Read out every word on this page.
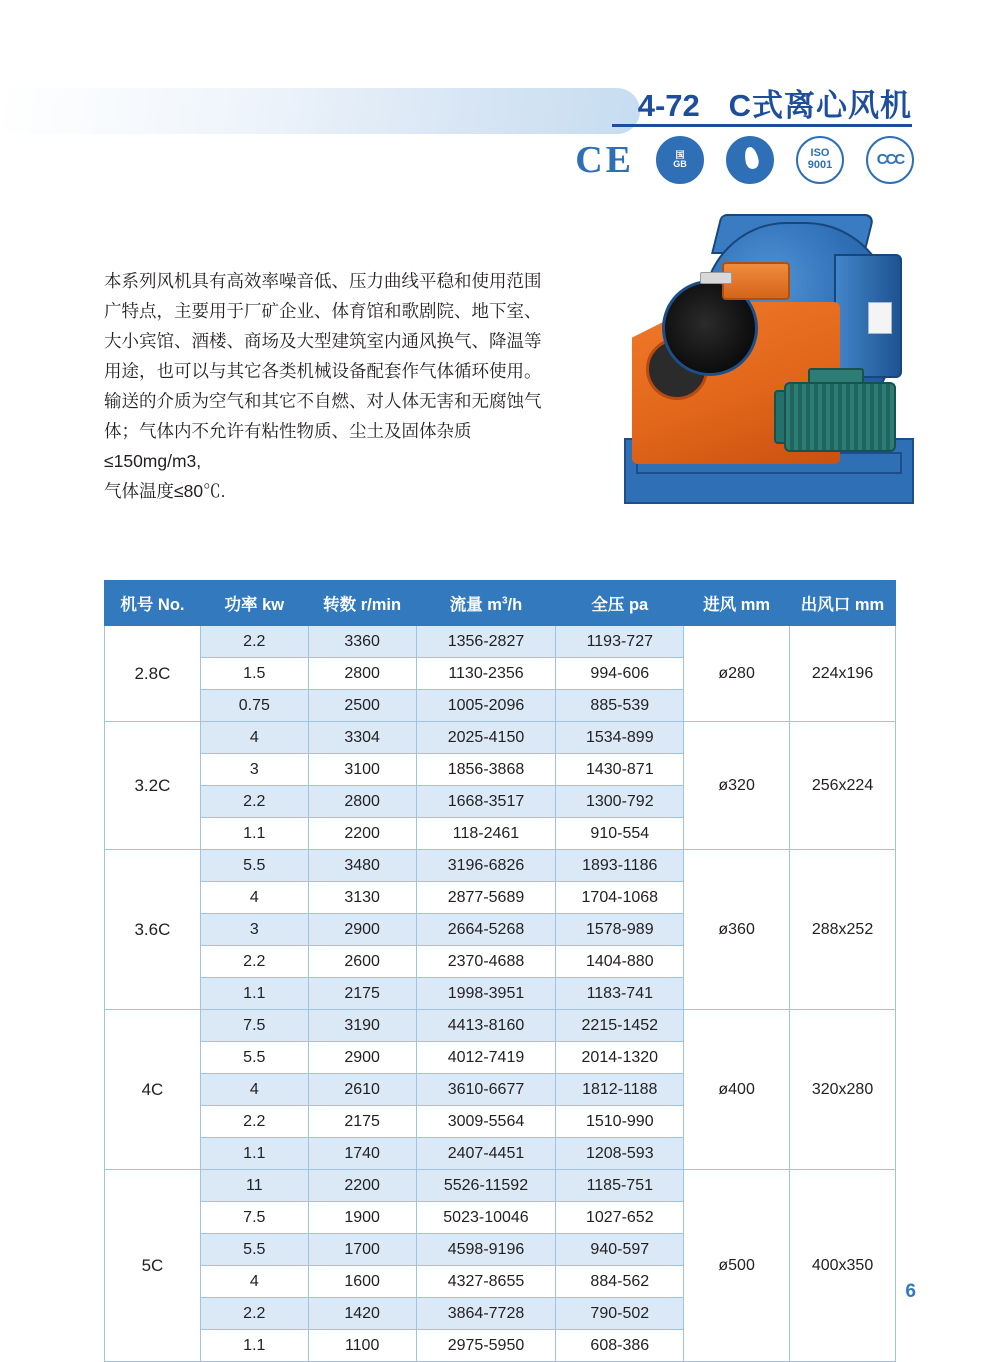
4-72 C式离心风机
CE	国
GB
ISO
9001	CCC

本系列风机具有高效率噪音低、压力曲线平稳和使用范围广特点，主要用于厂矿企业、体育馆和歌剧院、地下室、大小宾馆、酒楼、商场及大型建筑室内通风换气、降温等用途，也可以与其它各类机械设备配套作气体循环使用。

输送的介质为空气和其它不自燃、对人体无害和无腐蚀气体；气体内不允许有粘性物质、尘土及固体杂质≤150mg/m3,

气体温度≤80℃.

机号 No.	功率 kw	转数 r/min	流量 $m^3/h$	全压 pa	进风 mm	出风口 mm
2.8C	2.2	3360	1356-2827	1193-727	ø280	224x196
	1.5	2800	1130-2356	994-606		
	0.75	2500	1005-2096	885-539		
3.2C	4	3304	2025-4150	1534-899	ø320	256x224
	3	3100	1856-3868	1430-871		
	2.2	2800	1668-3517	1300-792		
	1.1	2200	118-2461	910-554		
3.6C	5.5	3480	3196-6826	1893-1186	ø360	288x252
	4	3130	2877-5689	1704-1068		
	3	2900	2664-5268	1578-989		
	2.2	2600	2370-4688	1404-880		
	1.1	2175	1998-3951	1183-741		
4C	7.5	3190	4413-8160	2215-1452	ø400	320x280
	5.5	2900	4012-7419	2014-1320		
	4	2610	3610-6677	1812-1188		
	2.2	2175	3009-5564	1510-990		
	1.1	1740	2407-4451	1208-593		
5C	11	2200	5526-11592	1185-751	ø500	400x350
	7.5	1900	5023-10046	1027-652		
	5.5	1700	4598-9196	940-597		
	4	1600	4327-8655	884-562		
	2.2	1420	3864-7728	790-502		
	1.1	1100	2975-5950	608-386		
6
